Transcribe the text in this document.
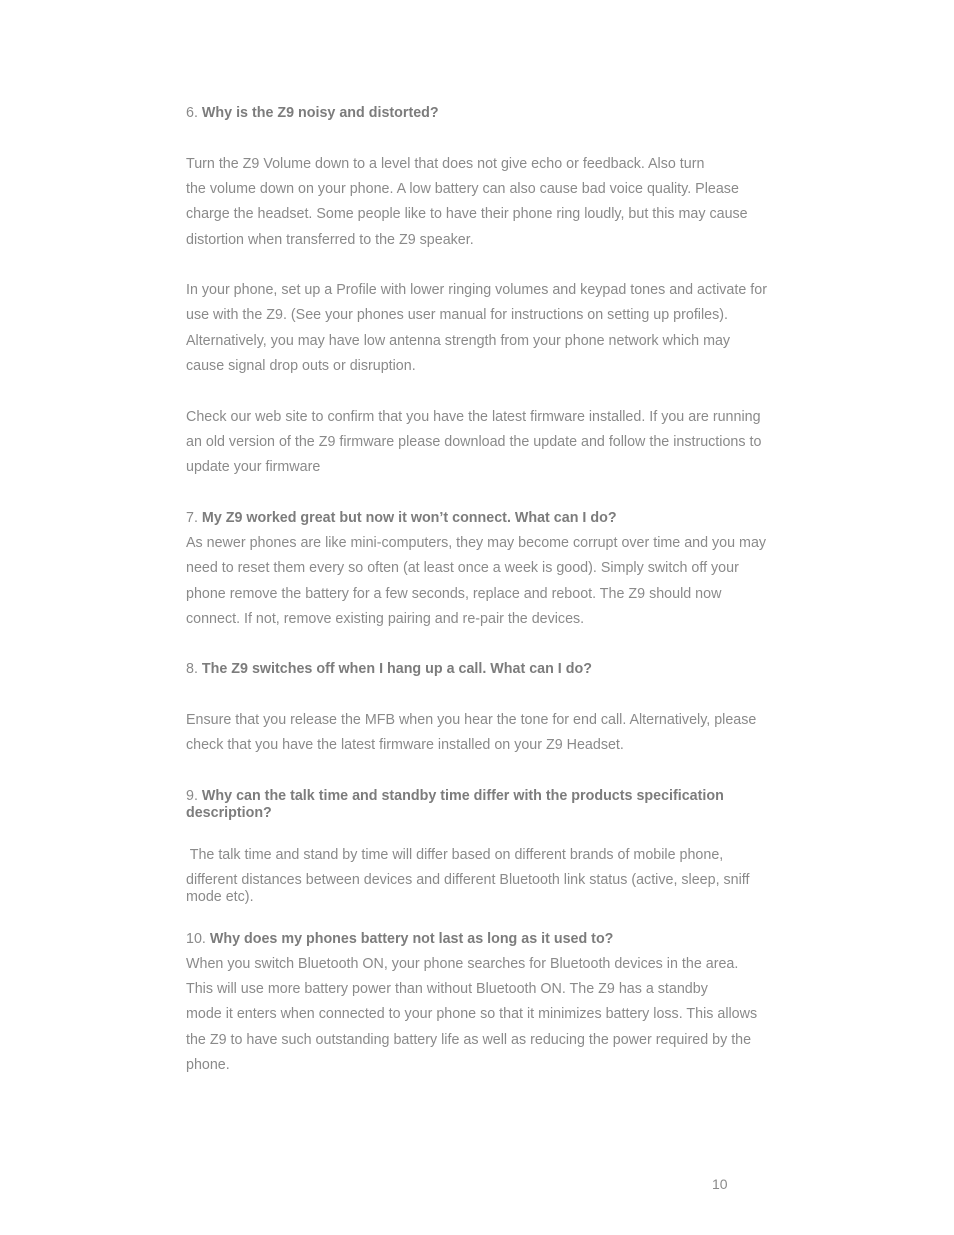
6. Why is the Z9 noisy and distorted?
Turn the Z9 Volume down to a level that does not give echo or feedback. Also turn
the volume down on your phone. A low battery can also cause bad voice quality. Please
charge the headset. Some people like to have their phone ring loudly, but this may cause
distortion when transferred to the Z9 speaker.
In your phone, set up a Profile with lower ringing volumes and keypad tones and activate for
use with the Z9. (See your phones user manual for instructions on setting up profiles).
Alternatively, you may have low antenna strength from your phone network which may
cause signal drop outs or disruption.
Check our web site to confirm that you have the latest firmware installed. If you are running
an old version of the Z9 firmware please download the update and follow the instructions to
update your firmware
7. My Z9 worked great but now it won’t connect. What can I do?
As newer phones are like mini-computers, they may become corrupt over time and you may
need to reset them every so often (at least once a week is good). Simply switch off your
phone remove the battery for a few seconds, replace and reboot. The Z9 should now
connect. If not, remove existing pairing and re-pair the devices.
8. The Z9 switches off when I hang up a call. What can I do?
Ensure that you release the MFB when you hear the tone for end call. Alternatively, please
check that you have the latest firmware installed on your Z9 Headset.
9. Why can the talk time and standby time differ with the products specification
description?
The talk time and stand by time will differ based on different brands of mobile phone,
different distances between devices and different Bluetooth link status (active, sleep, sniff
mode etc).
10. Why does my phones battery not last as long as it used to?
When you switch Bluetooth ON, your phone searches for Bluetooth devices in the area.
This will use more battery power than without Bluetooth ON. The Z9 has a standby
mode it enters when connected to your phone so that it minimizes battery loss. This allows
the Z9 to have such outstanding battery life as well as reducing the power required by the
phone.
10
